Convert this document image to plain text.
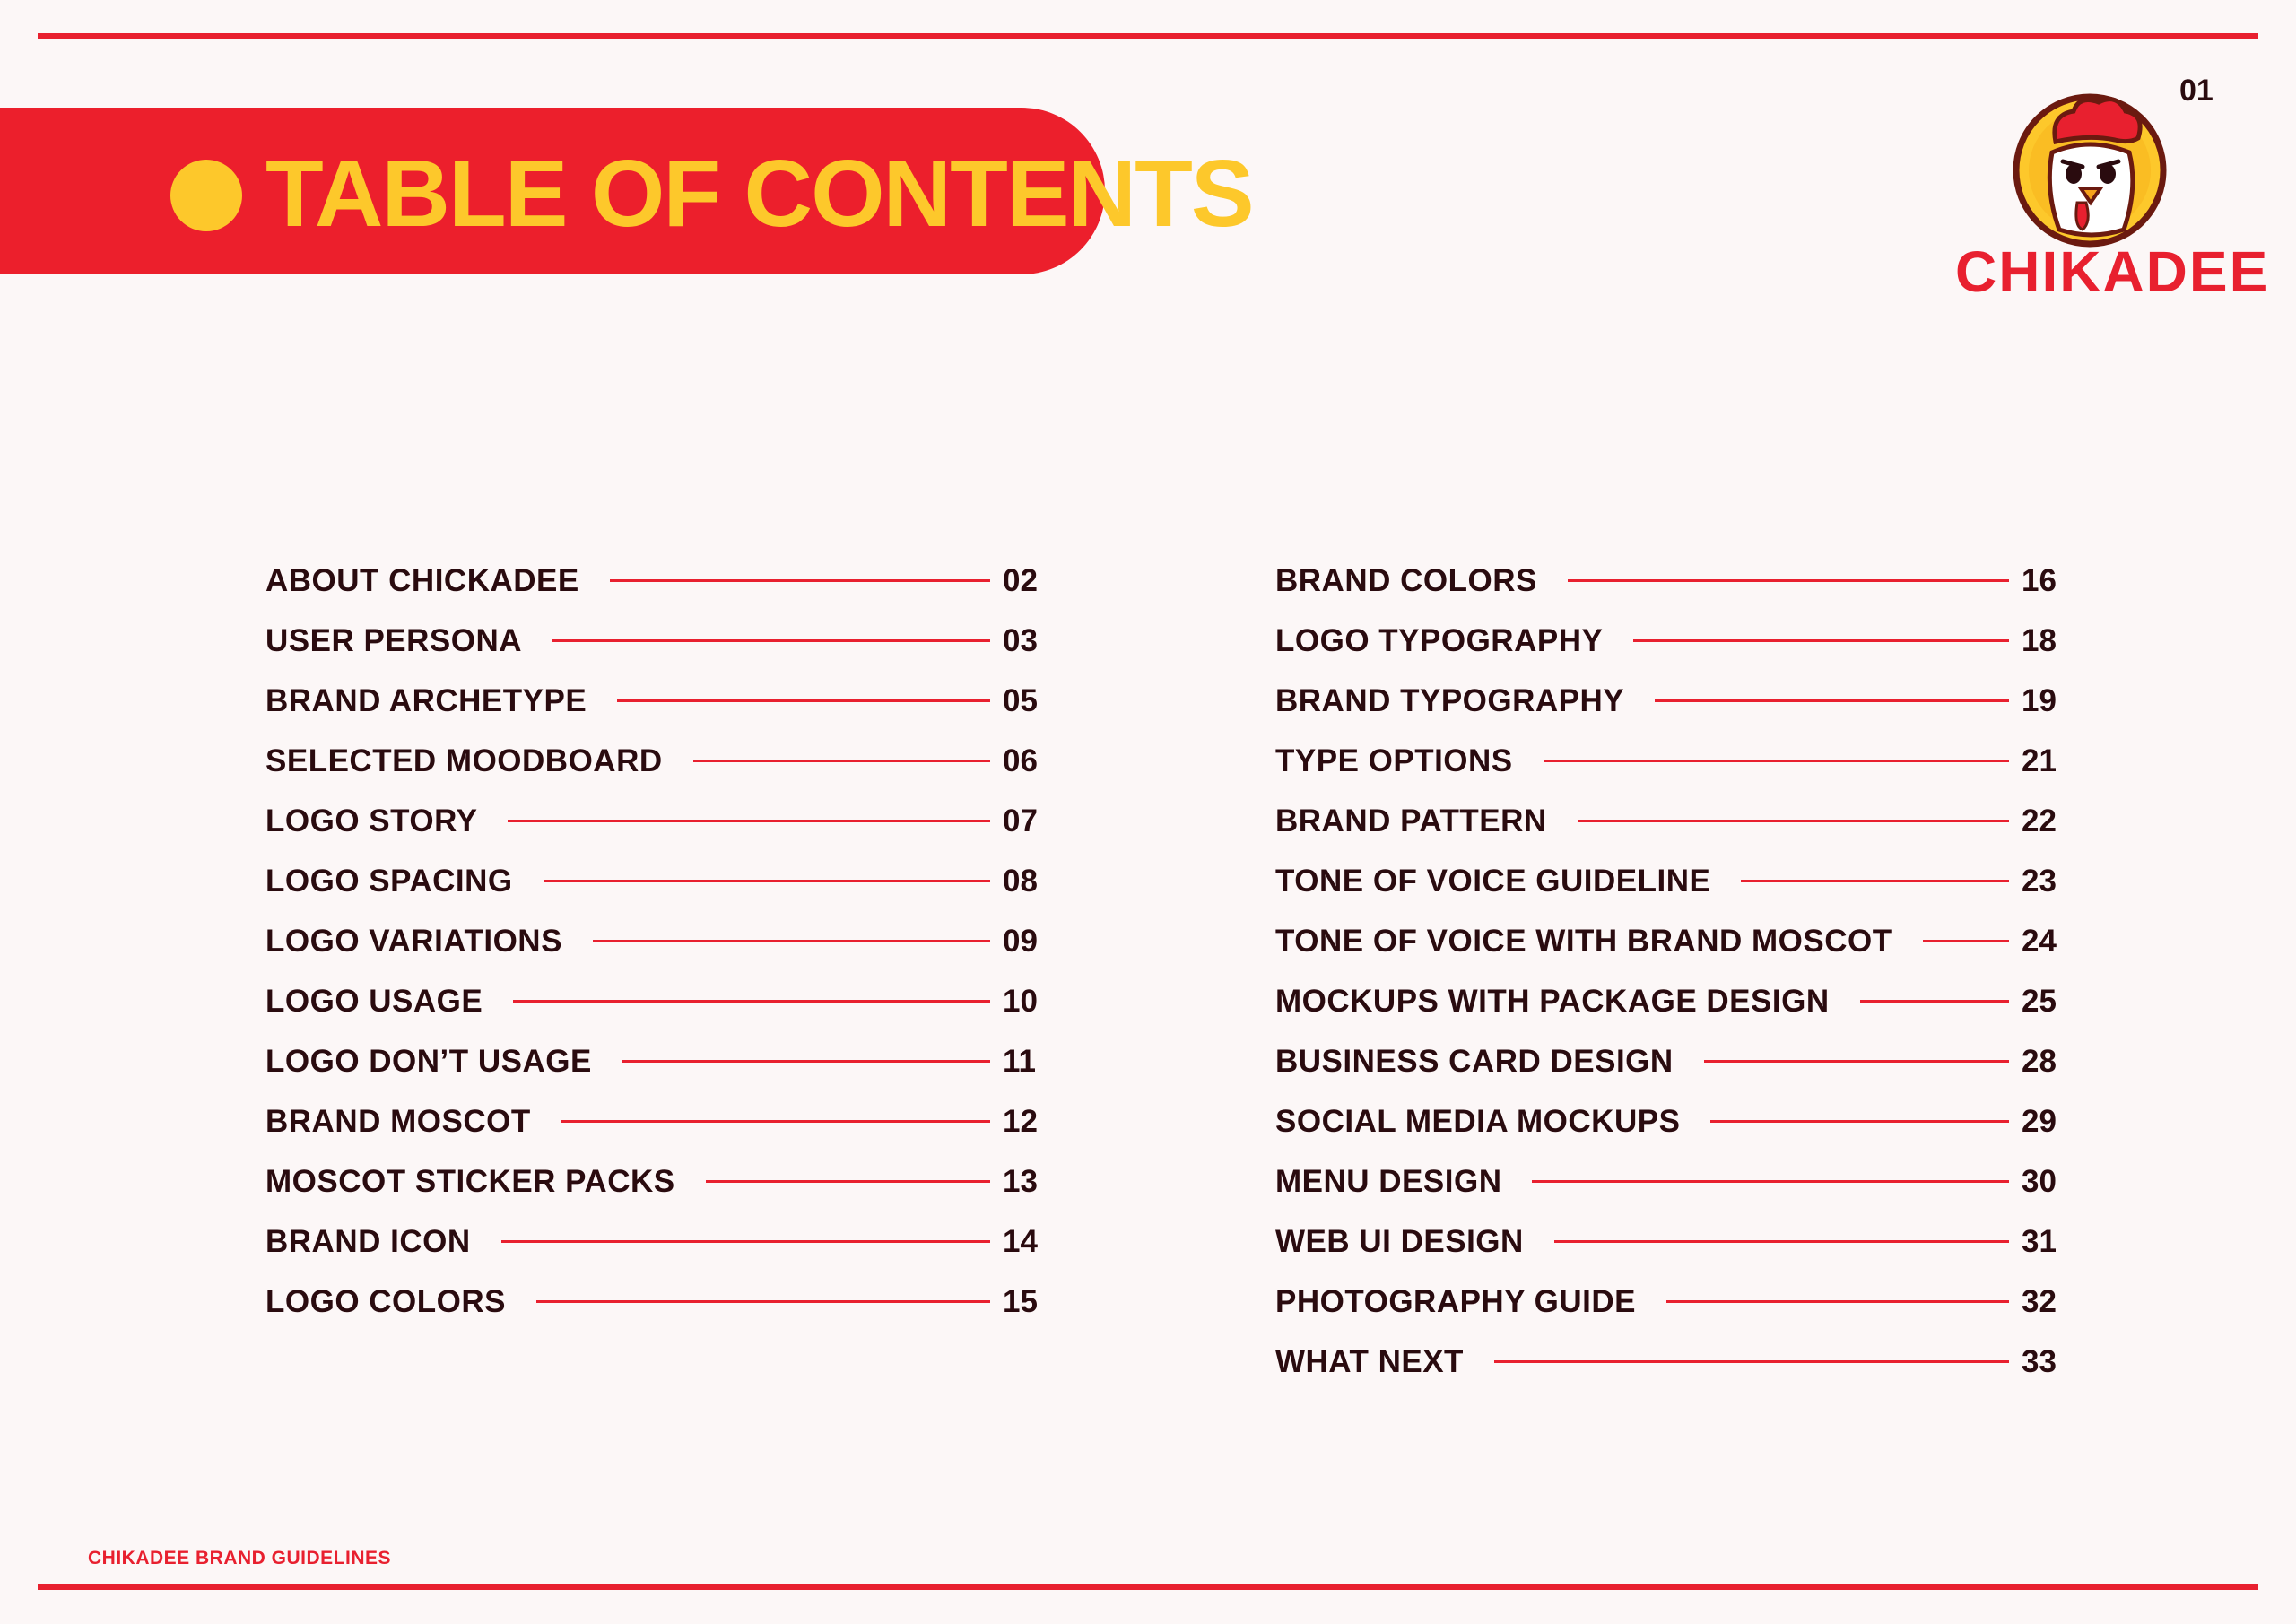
TABLE OF CONTENTS
01
CHIKADEE
ABOUT CHICKADEE	02
USER PERSONA	03
BRAND ARCHETYPE	05
SELECTED MOODBOARD	06
LOGO STORY	07
LOGO SPACING	08
LOGO VARIATIONS	09
LOGO USAGE	10
LOGO DON’T USAGE	11
BRAND MOSCOT	12
MOSCOT STICKER PACKS	13
BRAND ICON	14
LOGO COLORS	15
BRAND COLORS	16
LOGO TYPOGRAPHY	18
BRAND TYPOGRAPHY	19
TYPE OPTIONS	21
BRAND PATTERN	22
TONE OF VOICE GUIDELINE	23
TONE OF VOICE WITH BRAND MOSCOT	24
MOCKUPS WITH PACKAGE DESIGN	25
BUSINESS CARD DESIGN	28
SOCIAL MEDIA MOCKUPS	29
MENU DESIGN	30
WEB UI DESIGN	31
PHOTOGRAPHY GUIDE	32
WHAT NEXT	33
CHIKADEE BRAND GUIDELINES
